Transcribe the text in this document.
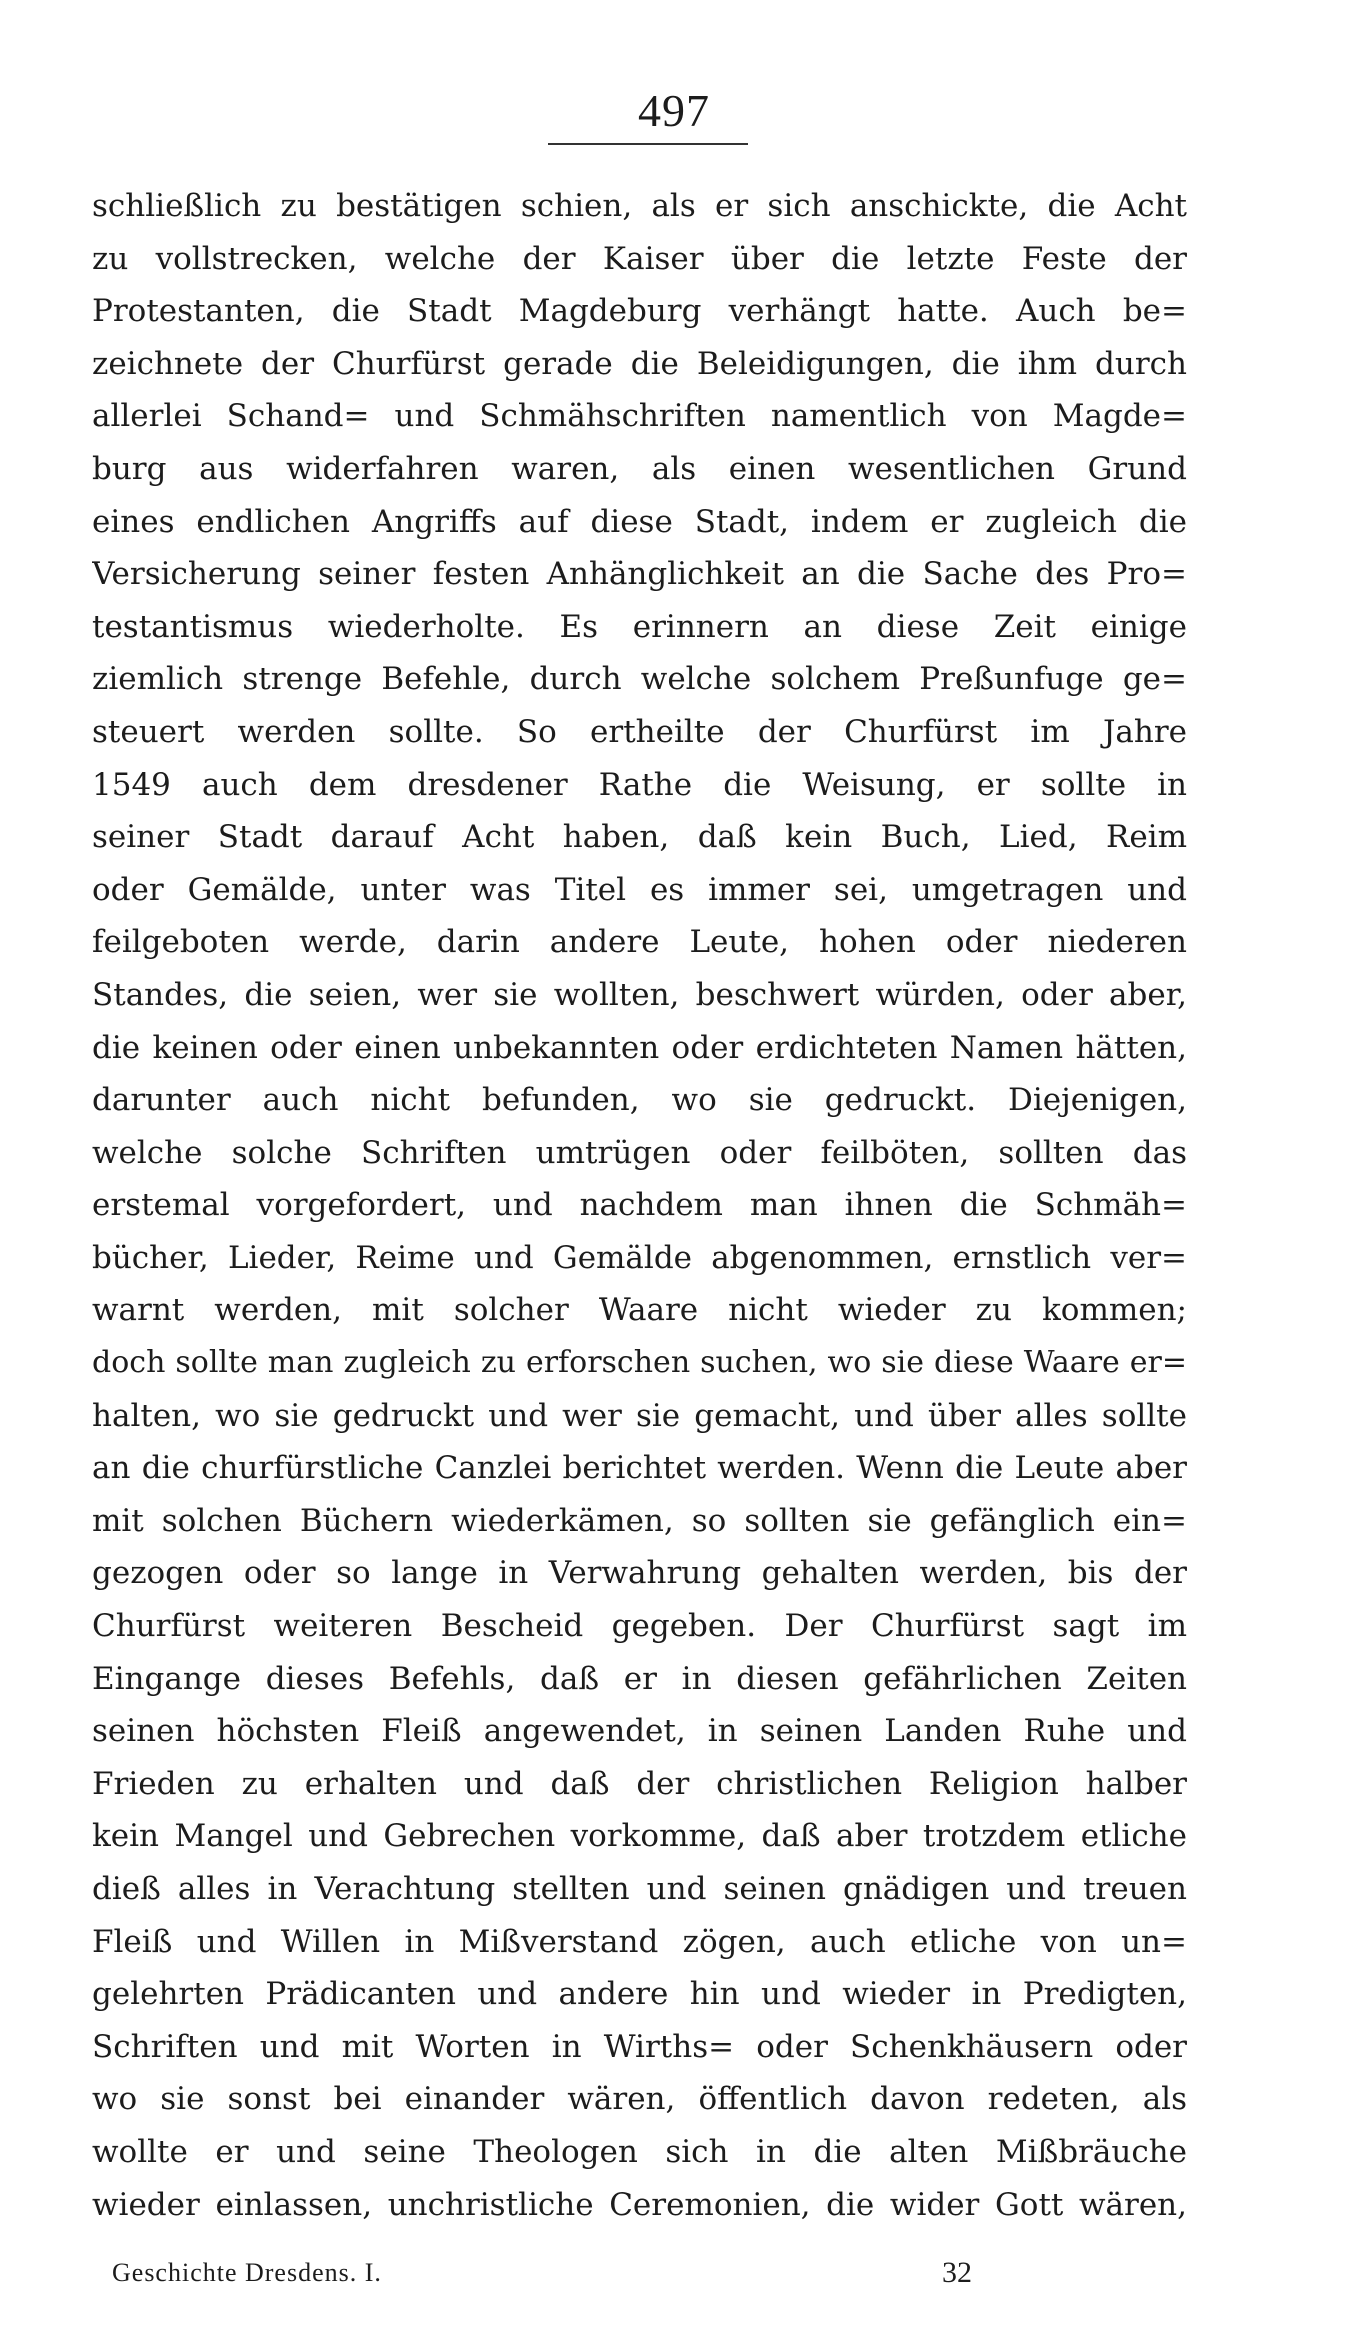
497
schließlich zu bestätigen schien, als er sich anschickte, die Acht
zu vollstrecken, welche der Kaiser über die letzte Feste der
Protestanten, die Stadt Magdeburg verhängt hatte. Auch be=
zeichnete der Churfürst gerade die Beleidigungen, die ihm durch
allerlei Schand= und Schmähschriften namentlich von Magde=
burg aus widerfahren waren, als einen wesentlichen Grund
eines endlichen Angriffs auf diese Stadt, indem er zugleich die
Versicherung seiner festen Anhänglichkeit an die Sache des Pro=
testantismus wiederholte. Es erinnern an diese Zeit einige
ziemlich strenge Befehle, durch welche solchem Preßunfuge ge=
steuert werden sollte. So ertheilte der Churfürst im Jahre
1549 auch dem dresdener Rathe die Weisung, er sollte in
seiner Stadt darauf Acht haben, daß kein Buch, Lied, Reim
oder Gemälde, unter was Titel es immer sei, umgetragen und
feilgeboten werde, darin andere Leute, hohen oder niederen
Standes, die seien, wer sie wollten, beschwert würden, oder aber,
die keinen oder einen unbekannten oder erdichteten Namen hätten,
darunter auch nicht befunden, wo sie gedruckt. Diejenigen,
welche solche Schriften umtrügen oder feilböten, sollten das
erstemal vorgefordert, und nachdem man ihnen die Schmäh=
bücher, Lieder, Reime und Gemälde abgenommen, ernstlich ver=
warnt werden, mit solcher Waare nicht wieder zu kommen;
doch sollte man zugleich zu erforschen suchen, wo sie diese Waare er=
halten, wo sie gedruckt und wer sie gemacht, und über alles sollte
an die churfürstliche Canzlei berichtet werden. Wenn die Leute aber
mit solchen Büchern wiederkämen, so sollten sie gefänglich ein=
gezogen oder so lange in Verwahrung gehalten werden, bis der
Churfürst weiteren Bescheid gegeben. Der Churfürst sagt im
Eingange dieses Befehls, daß er in diesen gefährlichen Zeiten
seinen höchsten Fleiß angewendet, in seinen Landen Ruhe und
Frieden zu erhalten und daß der christlichen Religion halber
kein Mangel und Gebrechen vorkomme, daß aber trotzdem etliche
dieß alles in Verachtung stellten und seinen gnädigen und treuen
Fleiß und Willen in Mißverstand zögen, auch etliche von un=
gelehrten Prädicanten und andere hin und wieder in Predigten,
Schriften und mit Worten in Wirths= oder Schenkhäusern oder
wo sie sonst bei einander wären, öffentlich davon redeten, als
wollte er und seine Theologen sich in die alten Mißbräuche
wieder einlassen, unchristliche Ceremonien, die wider Gott wären,
Geschichte Dresdens. I.	32
